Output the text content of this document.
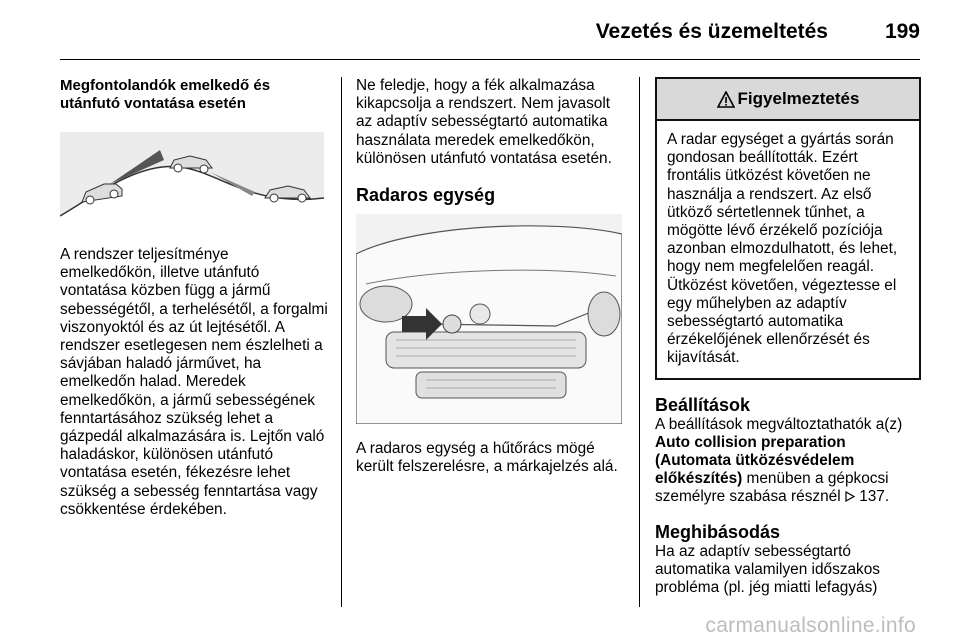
Vezetés és üzemeltetés	199

Megfontolandók emelkedő és
utánfutó vontatása esetén

A rendszer teljesítménye emelkedőkön, illetve utánfutó vontatása közben függ a jármű sebességétől, a terhelésétől, a forgalmi viszonyoktól és az út lejtésétől. A rendszer esetlegesen nem észlelheti a sávjában haladó járművet, ha emelkedőn halad. Meredek emelkedőkön, a jármű sebességének fenntartásához szükség lehet a gázpedál alkalmazására is. Lejtőn való haladáskor, különösen utánfutó vontatása esetén, fékezésre lehet szükség a sebesség fenntartása vagy csökkentése érdekében.

Ne feledje, hogy a fék alkalmazása kikapcsolja a rendszert. Nem javasolt az adaptív sebességtartó automatika használata meredek emelkedőkön, különösen utánfutó vontatása esetén.

Radaros egység

A radaros egység a hűtőrács mögé került felszerelésre, a márkajelzés alá.

Figyelmeztetés
A radar egységet a gyártás során gondosan beállították. Ezért frontális ütközést követően ne használja a rendszert. Az első ütköző sértetlennek tűnhet, a mögötte lévő érzékelő pozíciója azonban elmozdulhatott, és lehet, hogy nem megfelelően reagál. Ütközést követően, végeztesse el egy műhelyben az adaptív sebességtartó automatika érzékelőjének ellenőrzését és kijavítását.

Beállítások

A beállítások megváltoztathatók a(z) Auto collision preparation (Automata ütközésvédelem előkészítés) menüben a gépkocsi személyre szabása résznél 137.

Meghibásodás

Ha az adaptív sebességtartó automatika valamilyen időszakos probléma (pl. jég miatti lefagyás)

carmanualsonline.info
